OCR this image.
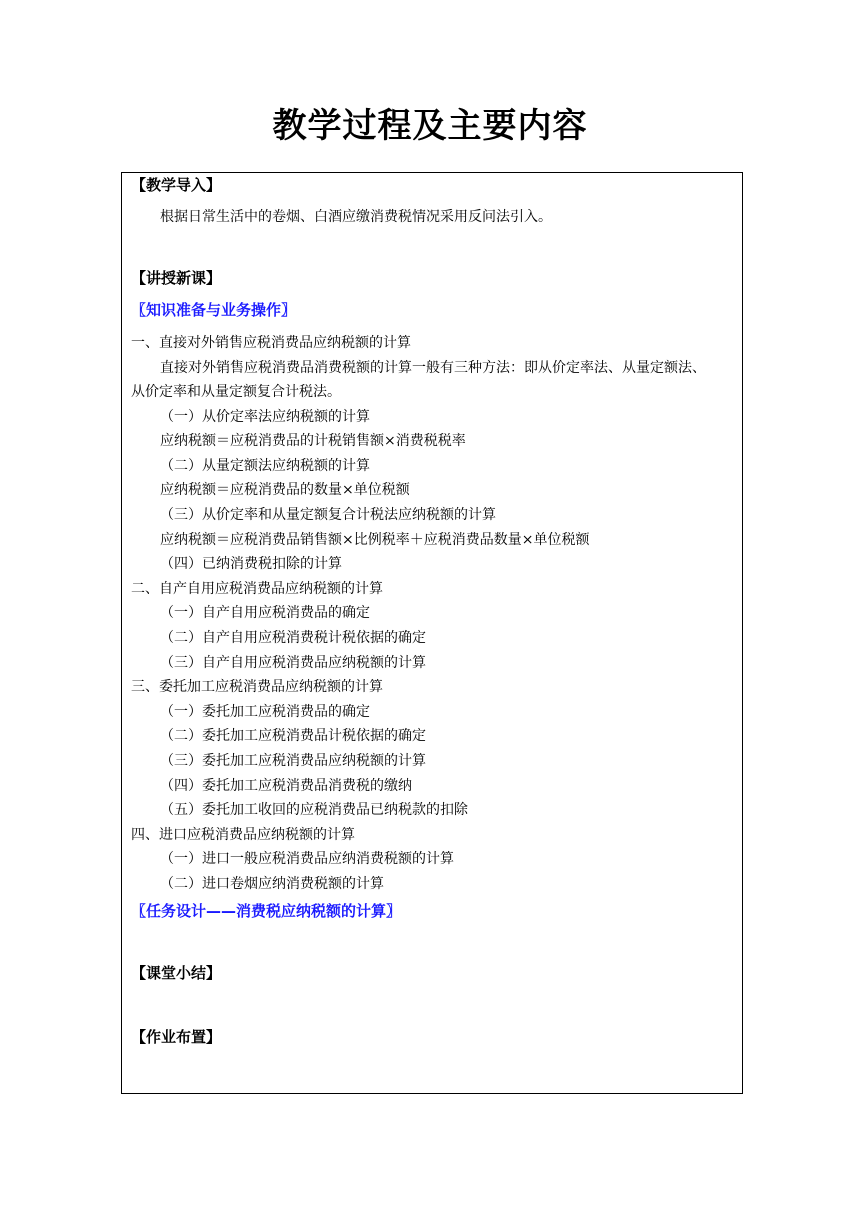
教学过程及主要内容
【教学导入】
根据日常生活中的卷烟、白酒应缴消费税情况采用反问法引入。
【讲授新课】
〖知识准备与业务操作〗
一、直接对外销售应税消费品应纳税额的计算
直接对外销售应税消费品消费税额的计算一般有三种方法：即从价定率法、从量定额法、
从价定率和从量定额复合计税法。
（一）从价定率法应纳税额的计算
应纳税额＝应税消费品的计税销售额×消费税税率
（二）从量定额法应纳税额的计算
应纳税额＝应税消费品的数量×单位税额
（三）从价定率和从量定额复合计税法应纳税额的计算
应纳税额＝应税消费品销售额×比例税率＋应税消费品数量×单位税额
（四）已纳消费税扣除的计算
二、自产自用应税消费品应纳税额的计算
（一）自产自用应税消费品的确定
（二）自产自用应税消费税计税依据的确定
（三）自产自用应税消费品应纳税额的计算
三、委托加工应税消费品应纳税额的计算
（一）委托加工应税消费品的确定
（二）委托加工应税消费品计税依据的确定
（三）委托加工应税消费品应纳税额的计算
（四）委托加工应税消费品消费税的缴纳
（五）委托加工收回的应税消费品已纳税款的扣除
四、进口应税消费品应纳税额的计算
（一）进口一般应税消费品应纳消费税额的计算
（二）进口卷烟应纳消费税额的计算
〖任务设计——消费税应纳税额的计算〗
【课堂小结】
【作业布置】
